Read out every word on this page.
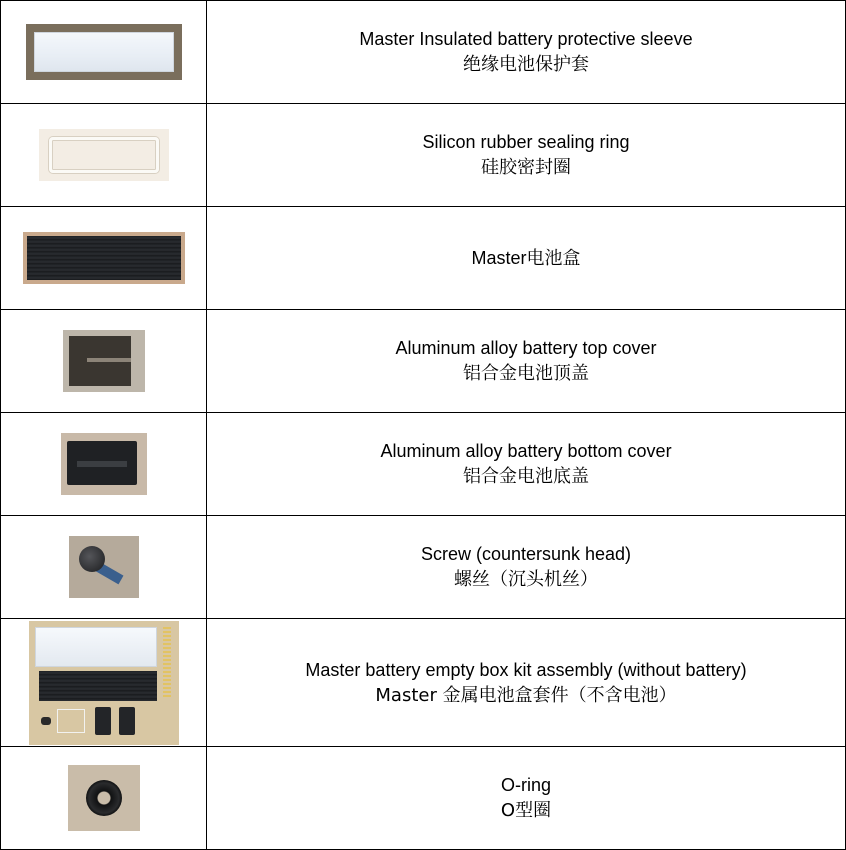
	Master Insulated battery protective sleeve
绝缘电池保护套

	Silicon rubber sealing ring
硅胶密封圈

	Master电池盒

	Aluminum alloy battery top cover
铝合金电池顶盖

	Aluminum alloy battery bottom cover
铝合金电池底盖

	Screw (countersunk head)
螺丝（沉头机丝）

	Master battery empty box kit assembly (without battery)
Master 金属电池盒套件（不含电池）

	O-ring
O型圈
